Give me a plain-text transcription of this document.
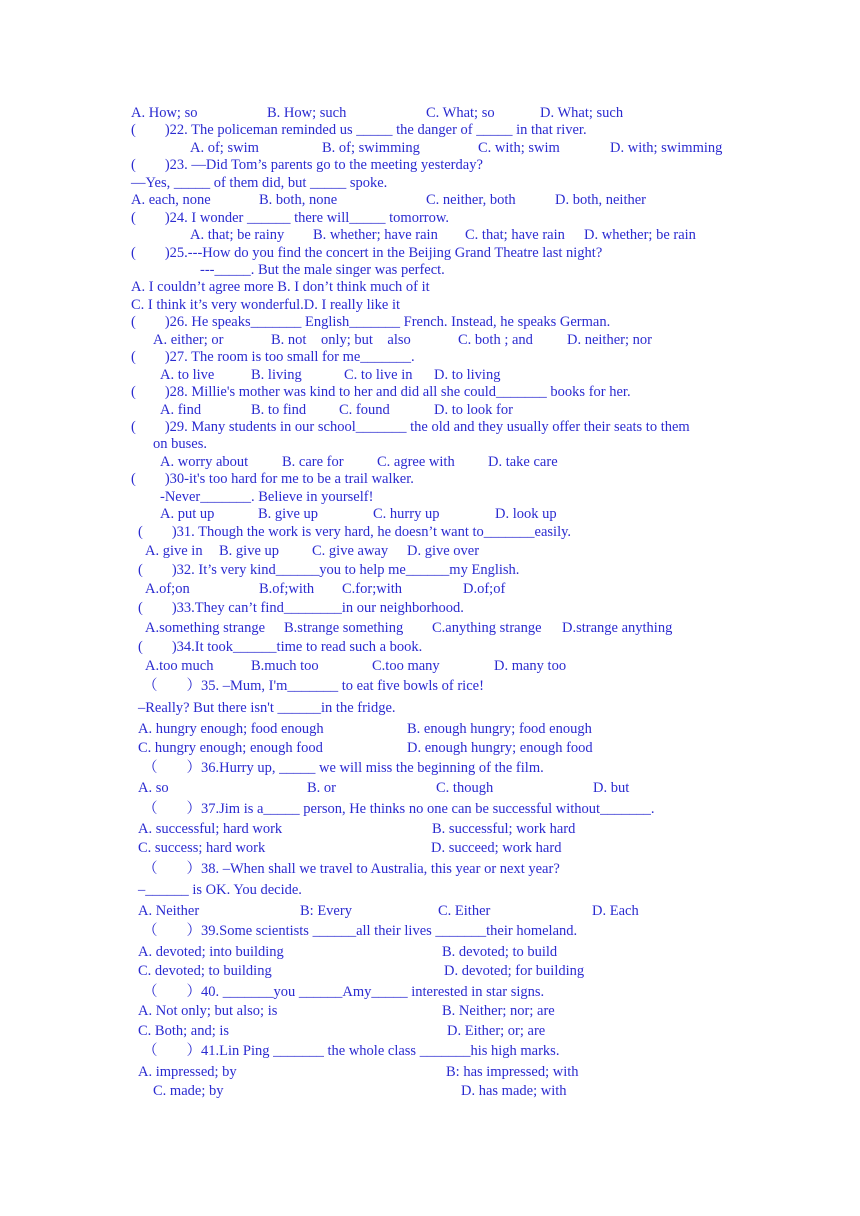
A. How; so	B. How; such	C. What; so	D. What; such
(        )22. The policeman reminded us _____ the danger of _____ in that river.
A. of; swim	B. of; swimming	C. with; swim	D. with; swimming
(        )23. —Did Tom’s parents go to the meeting yesterday?
—Yes, _____ of them did, but _____ spoke.
A. each, none	B. both, none	C. neither, both	D. both, neither
(        )24. I wonder ______ there will_____ tomorrow.
A. that; be rainy B. whether; have rain C. that; have rain D. whether; be rain
(        )25.---How do you find the concert in the Beijing Grand Theatre last night?
---_____. But the male singer was perfect.
A. I couldn’t agree more B. I don’t think much of it
C. I think it’s very wonderful.D. I really like it
(        )26. He speaks_______ English_______ French. Instead, he speaks German.
A. either; or	B. not    only; but    also	C. both ; and D. neither; nor
(        )27. The room is too small for me_______.
A. to live	B. living	C. to live in D. to living
(        )28. Millie's mother was kind to her and did all she could_______ books for her.
A. find	B. to find C. found	D. to look for
(        )29. Many students in our school_______ the old and they usually offer their seats to them
on buses.
A. worry about B. care for C. agree with D. take care
(        )30-it's too hard for me to be a trail walker.
-Never_______. Believe in yourself!
A. put up	B. give up	C. hurry up	D. look up
(        )31. Though the work is very hard, he doesn’t want to_______easily.
A. give in B. give up C. give away D. give over
(        )32. It’s very kind______you to help me______my English.
A.of;on	B.of;with C.for;with	D.of;of
(        )33.They can’t find________in our neighborhood.
A.something strange B.strange something C.anything strange D.strange anything
(        )34.It took______time to read such a book.
A.too much	B.much too	C.too many	D. many too
（        ）35. –Mum, I'm_______ to eat five bowls of rice!
–Really? But there isn't ______in the fridge.
A. hungry enough; food enough	B. enough hungry; food enough
C. hungry enough; enough food	D. enough hungry; enough food
（        ）36.Hurry up, _____ we will miss the beginning of the film.
A. so	B. or	C. though	D. but
（        ）37.Jim is a_____ person, He thinks no one can be successful without_______.
A. successful; hard work	B. successful; work hard
C. success; hard work	D. succeed; work hard
（        ）38. –When shall we travel to Australia, this year or next year?
–______ is OK. You decide.
A. Neither	B: Every	C. Either	D. Each
（        ）39.Some scientists ______all their lives _______their homeland.
A. devoted; into building	B. devoted; to build
C. devoted; to building	D. devoted; for building
（        ）40. _______you ______Amy_____ interested in star signs.
A. Not only; but also; is	B. Neither; nor; are
C. Both; and; is	D. Either; or; are
（        ）41.Lin Ping _______ the whole class _______his high marks.
A. impressed; by	B: has impressed; with
C. made; by	D. has made; with
